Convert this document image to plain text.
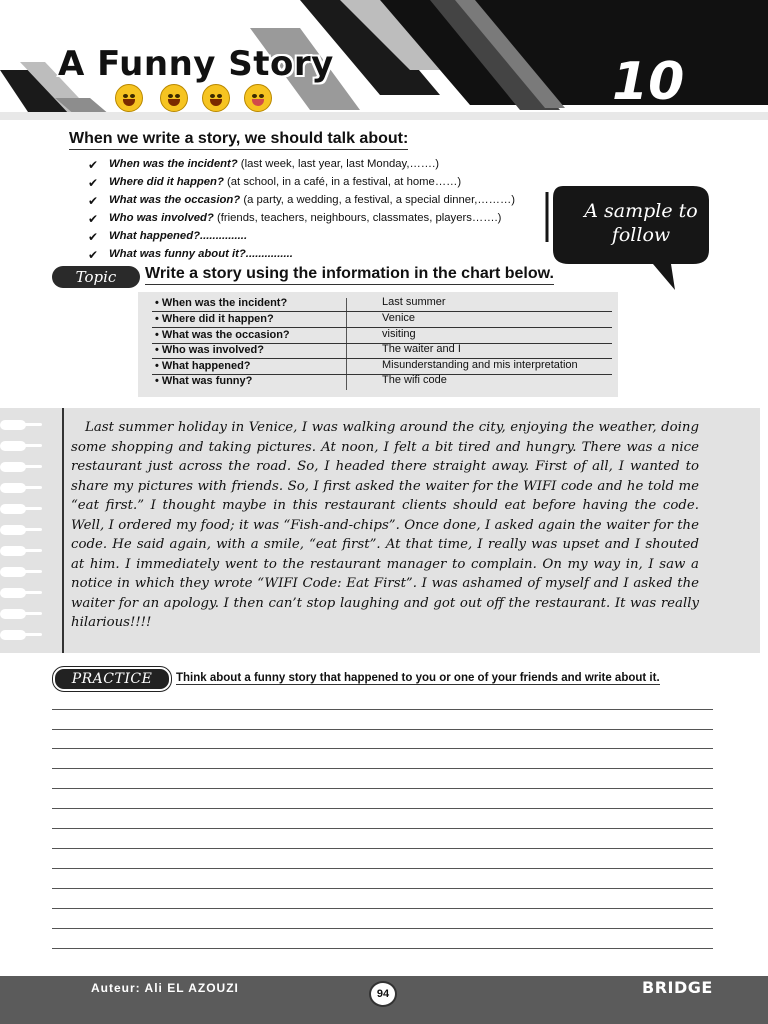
A Funny Story	10
When we write a story, we should talk about:
✔ When was the incident? (last week, last year, last Monday,…….)
✔ Where did it happen? (at school, in a café, in a festival, at home……)
✔ What was the occasion? (a party, a wedding, a festival, a special dinner,………)
✔ Who was involved? (friends, teachers, neighbours, classmates, players…….)
✔ What happened?...............
✔ What was funny about it?...............
A sample to
follow
Topic	Write a story using the information in the chart below.
• When was the incident?	Last summer
• Where did it happen?	Venice
• What was the occasion?	visiting
• Who was involved?	The waiter and I
• What happened?	Misunderstanding and mis interpretation
• What was funny?	The wifi code

Last summer holiday in Venice, I was walking around the city, enjoying the weather, doing some shopping and taking pictures. At noon, I felt a bit tired and hungry. There was a nice restaurant just across the road. So, I headed there straight away. First of all, I wanted to share my pictures with friends. So, I first asked the waiter for the WIFI code and he told me “eat first.” I thought maybe in this restaurant clients should eat before having the code. Well, I ordered my food; it was “Fish-and-chips”. Once done, I asked again the waiter for the code. He said again, with a smile, “eat first”. At that time, I really was upset and I shouted at him. I immediately went to the restaurant manager to complain. On my way in, I saw a notice in which they wrote “WIFI Code: Eat First”. I was ashamed of myself and I asked the waiter for an apology. I then can’t stop laughing and got out off the restaurant. It was really hilarious!!!!

PRACTICE	Think about a funny story that happened to you or one of your friends and write about it.
Auteur: Ali EL AZOUZI	94	BRIDGE
